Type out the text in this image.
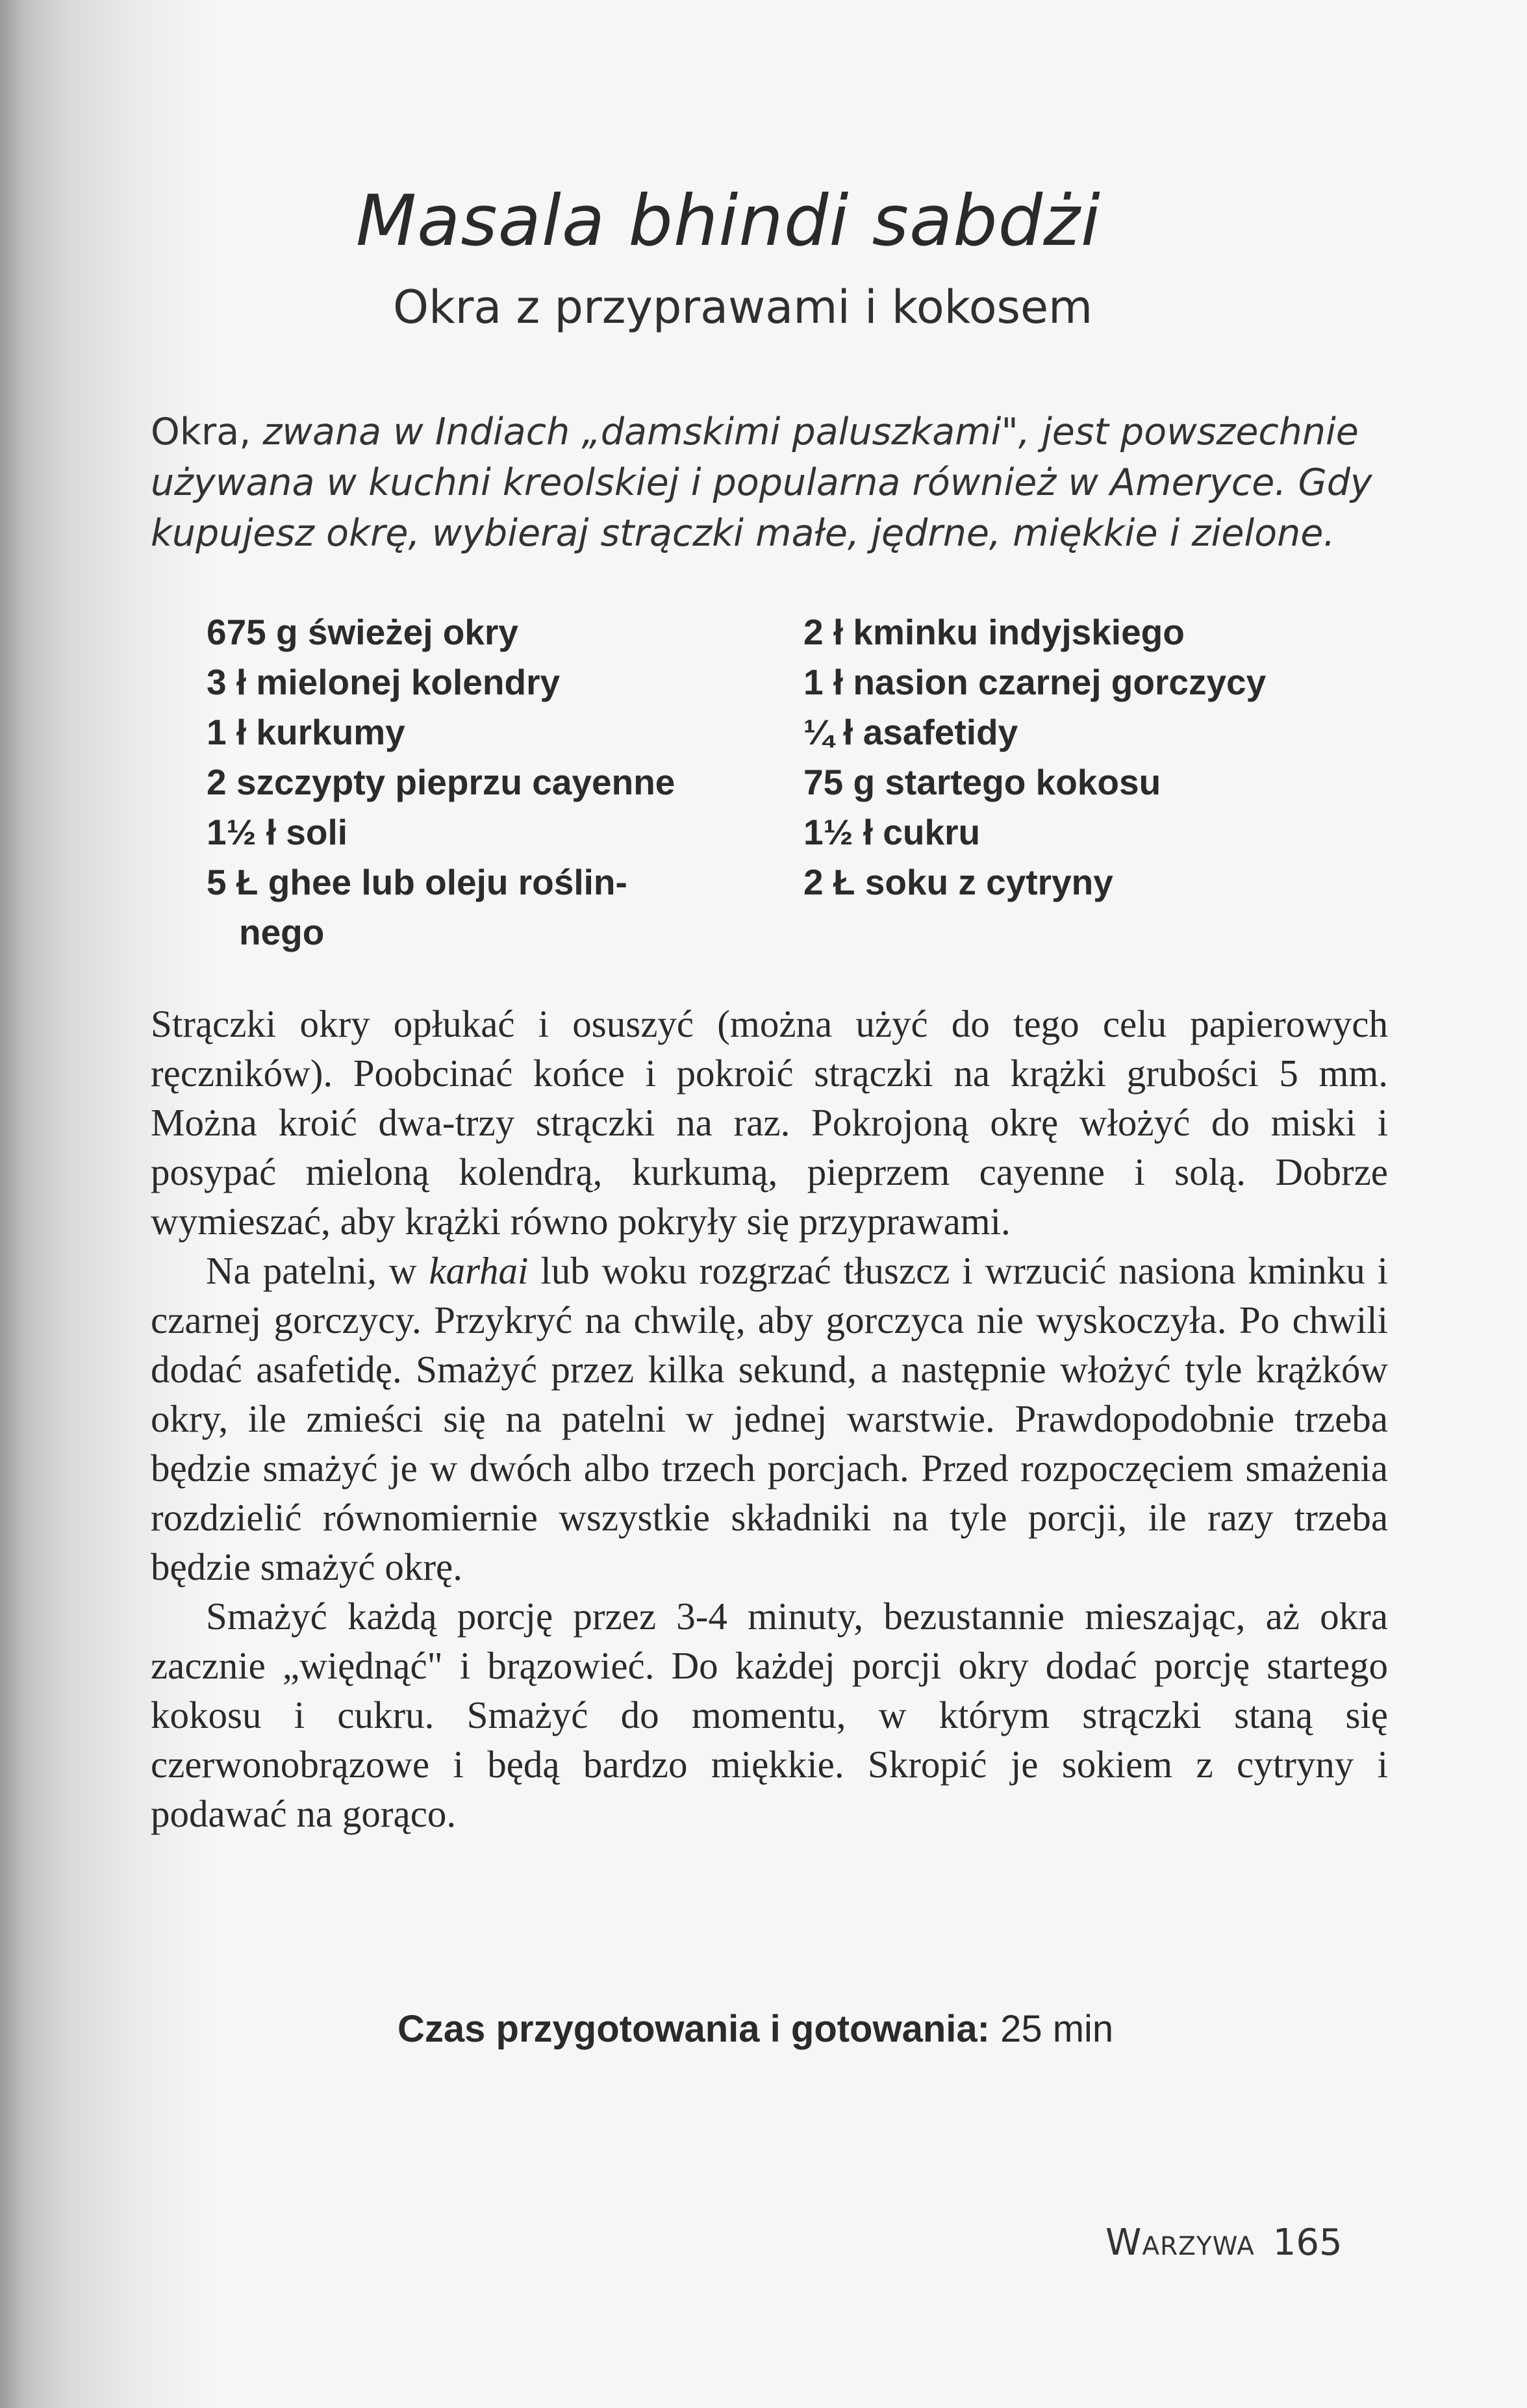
Masala bhindi sabdżi
Okra z przyprawami i kokosem

Okra, zwana w Indiach „damskimi paluszkami", jest powszechnie używana w kuchni kreolskiej i popularna również w Ameryce. Gdy kupujesz okrę, wybieraj strączki małe, jędrne, miękkie i zielone.

675 g świeżej okry
3 ł mielonej kolendry
1 ł kurkumy
2 szczypty pieprzu cayenne
1½ ł soli
5 Ł ghee lub oleju roślin-
nego
2 ł kminku indyjskiego
1 ł nasion czarnej gorczycy
¼ ł asafetidy
75 g startego kokosu
1½ ł cukru
2 Ł soku z cytryny

Strączki okry opłukać i osuszyć (można użyć do tego celu papierowych ręczników). Poobcinać końce i pokroić strączki na krążki grubości 5 mm. Można kroić dwa-trzy strączki na raz. Pokrojoną okrę włożyć do miski i posypać mieloną kolendrą, kurkumą, pieprzem cayenne i solą. Dobrze wymieszać, aby krążki równo pokryły się przyprawami.

Na patelni, w karhai lub woku rozgrzać tłuszcz i wrzucić nasiona kminku i czarnej gorczycy. Przykryć na chwilę, aby gorczyca nie wyskoczyła. Po chwili dodać asafetidę. Smażyć przez kilka sekund, a następnie włożyć tyle krążków okry, ile zmieści się na patelni w jednej warstwie. Prawdopodobnie trzeba będzie smażyć je w dwóch albo trzech porcjach. Przed rozpoczęciem smażenia rozdzielić równomiernie wszystkie składniki na tyle porcji, ile razy trzeba będzie smażyć okrę.

Smażyć każdą porcję przez 3-4 minuty, bezustannie mieszając, aż okra zacznie „więdnąć" i brązowieć. Do każdej porcji okry dodać porcję startego kokosu i cukru. Smażyć do momentu, w którym strączki staną się czerwonobrązowe i będą bardzo miękkie. Skropić je sokiem z cytryny i podawać na gorąco.

Czas przygotowania i gotowania: 25 min

Warzywa 165
